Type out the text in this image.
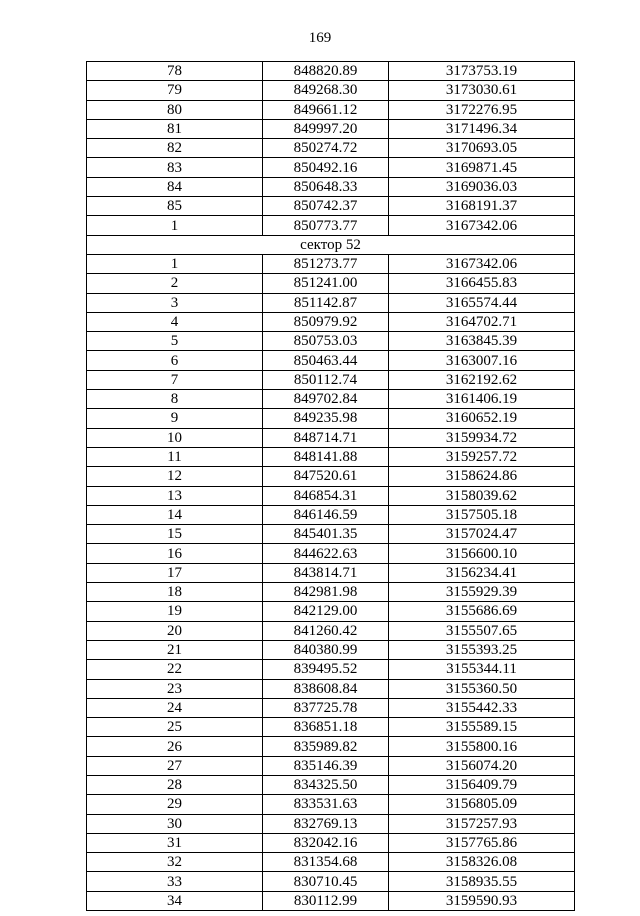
169
78	848820.89	3173753.19
79	849268.30	3173030.61
80	849661.12	3172276.95
81	849997.20	3171496.34
82	850274.72	3170693.05
83	850492.16	3169871.45
84	850648.33	3169036.03
85	850742.37	3168191.37
1	850773.77	3167342.06
сектор 52		
1	851273.77	3167342.06
2	851241.00	3166455.83
3	851142.87	3165574.44
4	850979.92	3164702.71
5	850753.03	3163845.39
6	850463.44	3163007.16
7	850112.74	3162192.62
8	849702.84	3161406.19
9	849235.98	3160652.19
10	848714.71	3159934.72
11	848141.88	3159257.72
12	847520.61	3158624.86
13	846854.31	3158039.62
14	846146.59	3157505.18
15	845401.35	3157024.47
16	844622.63	3156600.10
17	843814.71	3156234.41
18	842981.98	3155929.39
19	842129.00	3155686.69
20	841260.42	3155507.65
21	840380.99	3155393.25
22	839495.52	3155344.11
23	838608.84	3155360.50
24	837725.78	3155442.33
25	836851.18	3155589.15
26	835989.82	3155800.16
27	835146.39	3156074.20
28	834325.50	3156409.79
29	833531.63	3156805.09
30	832769.13	3157257.93
31	832042.16	3157765.86
32	831354.68	3158326.08
33	830710.45	3158935.55
34	830112.99	3159590.93
